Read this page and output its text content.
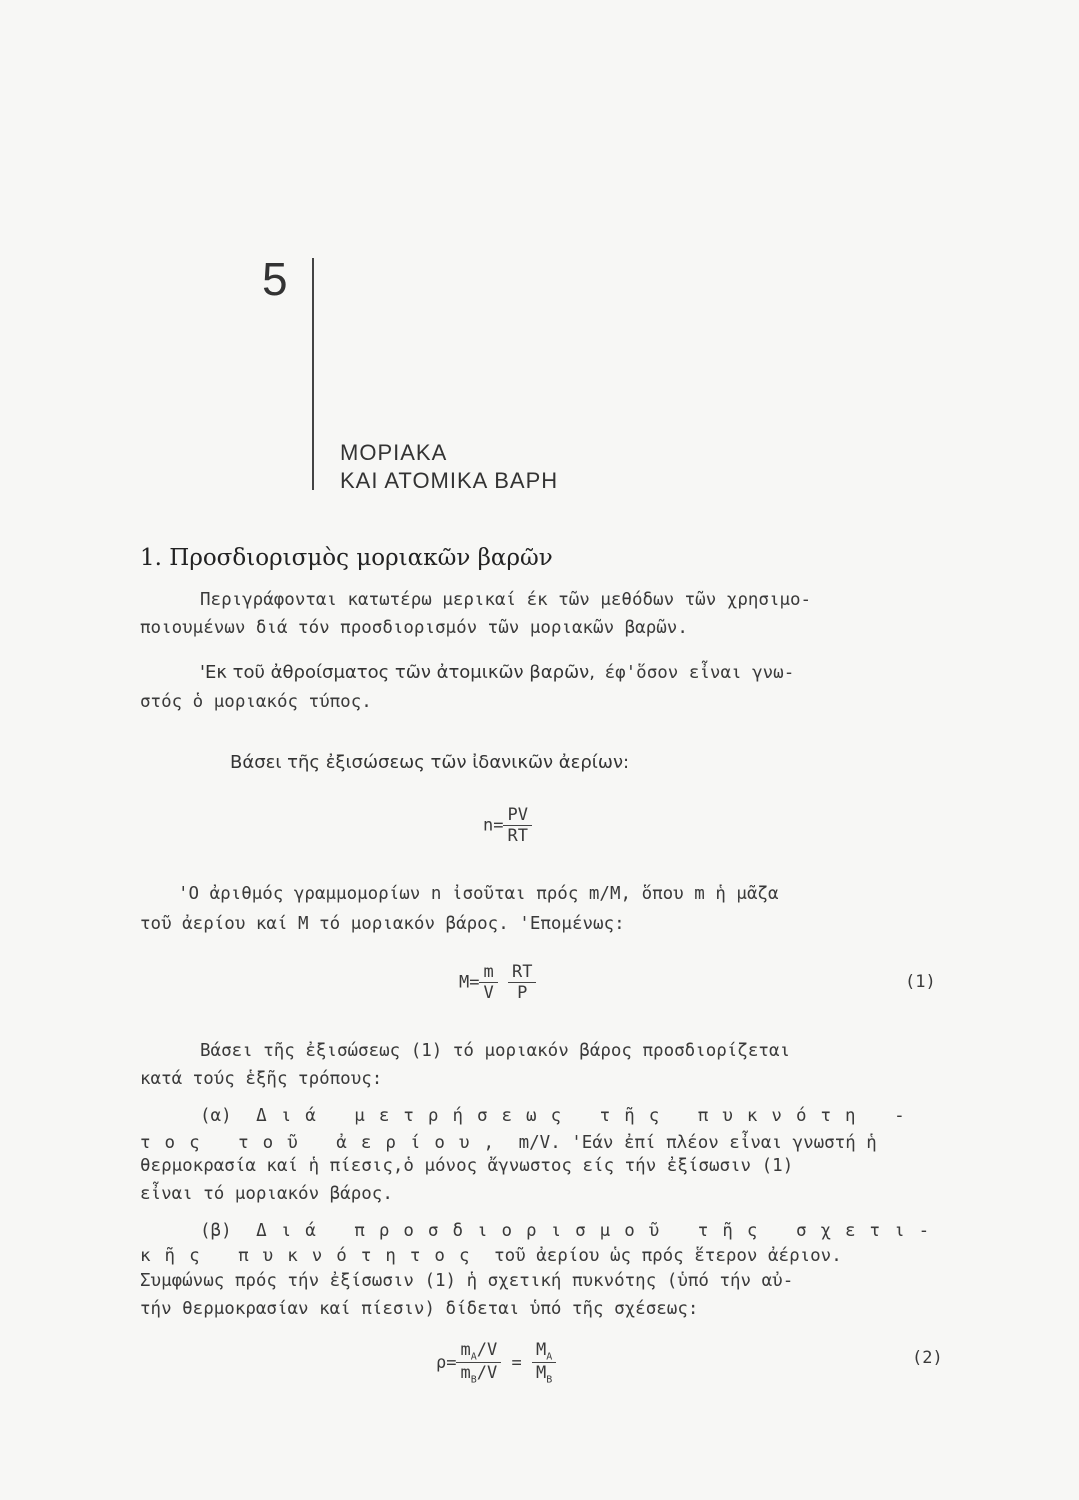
5
ΜΟΡΙΑΚΑ
ΚΑΙ ΑΤΟΜΙΚΑ ΒΑΡΗ
1. Προσδιορισμὸς μοριακῶν βαρῶν
Περιγράφονται κατωτέρω μερικαί έκ τῶν μεθόδων τῶν χρησιμο-
ποιουμένων διά τόν προσδιορισμόν τῶν μοριακῶν βαρῶν.
'Εκ τοῦ ἀθροίσματος τῶν ἀτομικῶν βαρῶν, έφ'ὅσον εἶναι γνω-
στός ὁ μοριακός τύπος.
Βάσει τῆς ἐξισώσεως τῶν ἰδανικῶν ἀερίων:
$n= \frac{PV}{RT}$
'Ο ἀριθμός γραμμομορίων n ἰσοῦται πρός m/M, ὅπου m ἡ μᾶζα
τοῦ ἀερίου καί M τό μοριακόν βάρος. 'Επομένως:
$M= \frac{m}{V}$
$\frac{RT}{P}$	(1)
Βάσει τῆς ἐξισώσεως (1) τό μοριακόν βάρος προσδιορίζεται
κατά τούς ἑξῆς τρόπους:
(α) Διά μετρήσεως τῆς πυκνότη -
τος τοῦ ἀερίου, m/V. 'Εάν ἐπί πλέον εἶναι γνωστή ἡ
θερμοκρασία καί ἡ πίεσις,ὁ μόνος ἄγνωστος είς τήν ἐξίσωσιν (1)
εἶναι τό μοριακόν βάρος.
(β) Διά προσδιορισμοῦ τῆς σχετι-
κῆς πυκνότητος τοῦ ἀερίου ὡς πρός ἕτερον ἀέριον.
Συμφώνως πρός τήν ἐξίσωσιν (1) ἡ σχετική πυκνότης (ὑπό τήν αὐ-
τήν θερμοκρασίαν καί πίεσιν) δίδεται ὑπό τῆς σχέσεως:
$\rho= \frac{m_A/V}{m_B/V} = \frac{M_A}{M_B}$	(2)
